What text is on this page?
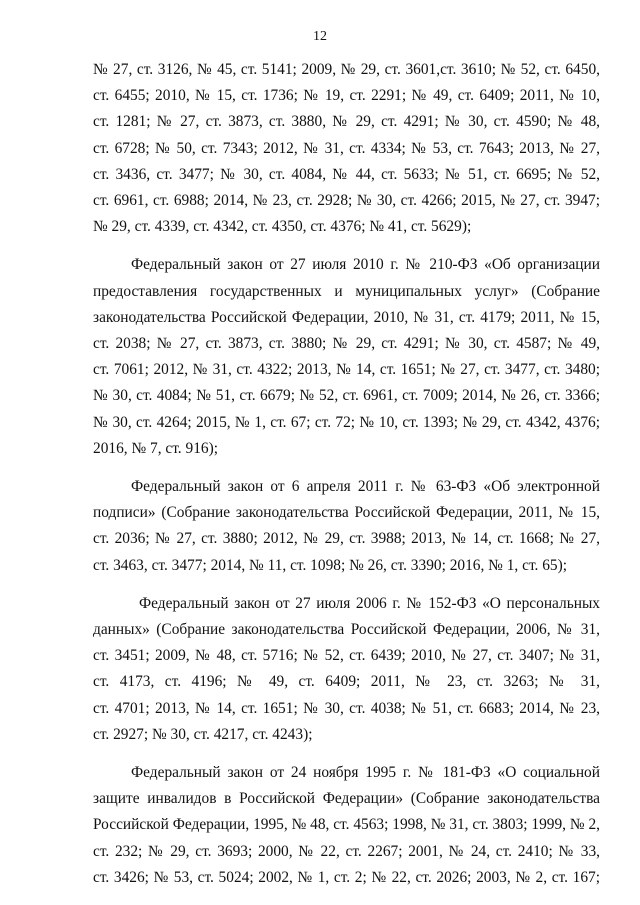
12

№ 27, ст. 3126, № 45, ст. 5141; 2009, № 29, ст. 3601,ст. 3610; № 52, ст. 6450,
ст. 6455; 2010, № 15, ст. 1736; № 19, ст. 2291; № 49, ст. 6409; 2011, № 10,
ст. 1281; № 27, ст. 3873, ст. 3880, № 29, ст. 4291; № 30, ст. 4590; № 48,
ст. 6728; № 50, ст. 7343; 2012, № 31, ст. 4334; № 53, ст. 7643; 2013, № 27,
ст. 3436, ст. 3477; № 30, ст. 4084, № 44, ст. 5633; № 51, ст. 6695; № 52,
ст. 6961, ст. 6988; 2014, № 23, ст. 2928; № 30, ст. 4266; 2015, № 27, ст. 3947;
№ 29, ст. 4339, ст. 4342, ст. 4350, ст. 4376; № 41, ст. 5629);

Федеральный закон от 27 июля 2010 г. № 210-ФЗ «Об организации
предоставления государственных и муниципальных услуг» (Собрание
законодательства Российской Федерации, 2010, № 31, ст. 4179; 2011, № 15,
ст. 2038; № 27, ст. 3873, ст. 3880; № 29, ст. 4291; № 30, ст. 4587; № 49,
ст. 7061; 2012, № 31, ст. 4322; 2013, № 14, ст. 1651; № 27, ст. 3477, ст. 3480;
№ 30, ст. 4084; № 51, ст. 6679; № 52, ст. 6961, ст. 7009; 2014, № 26, ст. 3366;
№ 30, ст. 4264; 2015, № 1, ст. 67; ст. 72; № 10, ст. 1393; № 29, ст. 4342, 4376;
2016, № 7, ст. 916);

Федеральный закон от 6 апреля 2011 г. № 63-ФЗ «Об электронной
подписи» (Собрание законодательства Российской Федерации, 2011, № 15,
ст. 2036; № 27, ст. 3880; 2012, № 29, ст. 3988; 2013, № 14, ст. 1668; № 27,
ст. 3463, ст. 3477; 2014, № 11, ст. 1098; № 26, ст. 3390; 2016, № 1, ст. 65);

Федеральный закон от 27 июля 2006 г. № 152-ФЗ «О персональных
данных» (Собрание законодательства Российской Федерации, 2006, № 31,
ст. 3451; 2009, № 48, ст. 5716; № 52, ст. 6439; 2010, № 27, ст. 3407; № 31,
ст. 4173, ст. 4196; № 49, ст. 6409; 2011, № 23, ст. 3263; № 31,
ст. 4701; 2013, № 14, ст. 1651; № 30, ст. 4038; № 51, ст. 6683; 2014, № 23,
ст. 2927; № 30, ст. 4217, ст. 4243);

Федеральный закон от 24 ноября 1995 г. № 181-ФЗ «О социальной
защите инвалидов в Российской Федерации» (Собрание законодательства
Российской Федерации, 1995, № 48, ст. 4563; 1998, № 31, ст. 3803; 1999, № 2,
ст. 232; № 29, ст. 3693; 2000, № 22, ст. 2267; 2001, № 24, ст. 2410; № 33,
ст. 3426; № 53, ст. 5024; 2002, № 1, ст. 2; № 22, ст. 2026; 2003, № 2, ст. 167;
